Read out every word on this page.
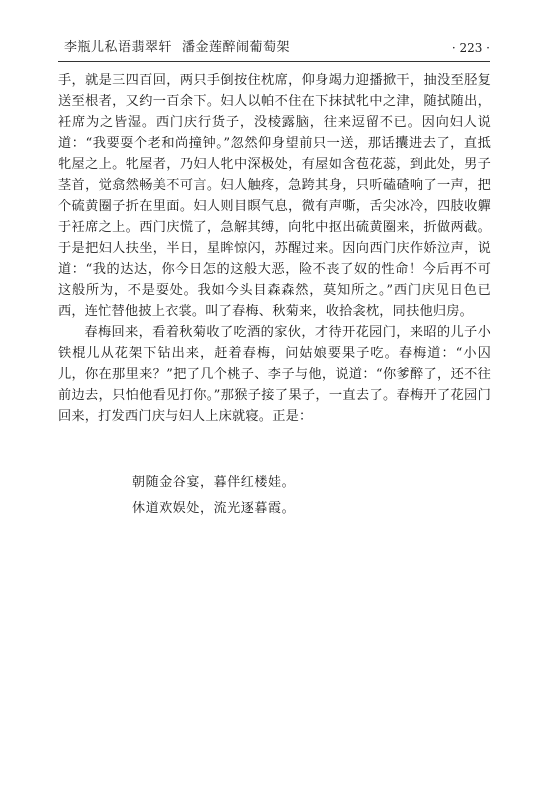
李瓶儿私语翡翠轩 潘金莲醉闹葡萄架	· 223 ·

手，就是三四百回，两只手倒按住枕席，仰身竭力迎播掀干，抽没至胫复送至根者，又约一百余下。妇人以帕不住在下抹拭牝中之津，随拭随出，衽席为之皆湿。西门庆行货子，没棱露脑，往来逗留不已。因向妇人说道：“我要耍个老和尚撞钟。”忽然仰身望前只一送，那话攮进去了，直抵牝屋之上。牝屋者，乃妇人牝中深极处，有屋如含苞花蕊，到此处，男子茎首，觉翕然畅美不可言。妇人触疼，急跨其身，只听磕碴响了一声，把个硫黄圈子折在里面。妇人则目瞑气息，微有声嘶，舌尖冰冷，四肢收軃于衽席之上。西门庆慌了，急解其缚，向牝中抠出硫黄圈来，折做两截。于是把妇人扶坐，半日，星眸惊闪，苏醒过来。因向西门庆作娇泣声，说道：“我的达达，你今日怎的这般大恶，险不丧了奴的性命！今后再不可这般所为，不是耍处。我如今头目森森然，莫知所之。”西门庆见日色已西，连忙替他披上衣裳。叫了春梅、秋菊来，收拾衾枕，同扶他归房。

春梅回来，看着秋菊收了吃酒的家伙，才待开花园门，来昭的儿子小铁棍儿从花架下钻出来，赶着春梅，问姑娘要果子吃。春梅道：“小囚儿，你在那里来？”把了几个桃子、李子与他，说道：“你爹醉了，还不往前边去，只怕他看见打你。”那猴子接了果子，一直去了。春梅开了花园门回来，打发西门庆与妇人上床就寝。正是：

朝随金谷宴，暮伴红楼娃。
休道欢娱处，流光逐暮霞。
